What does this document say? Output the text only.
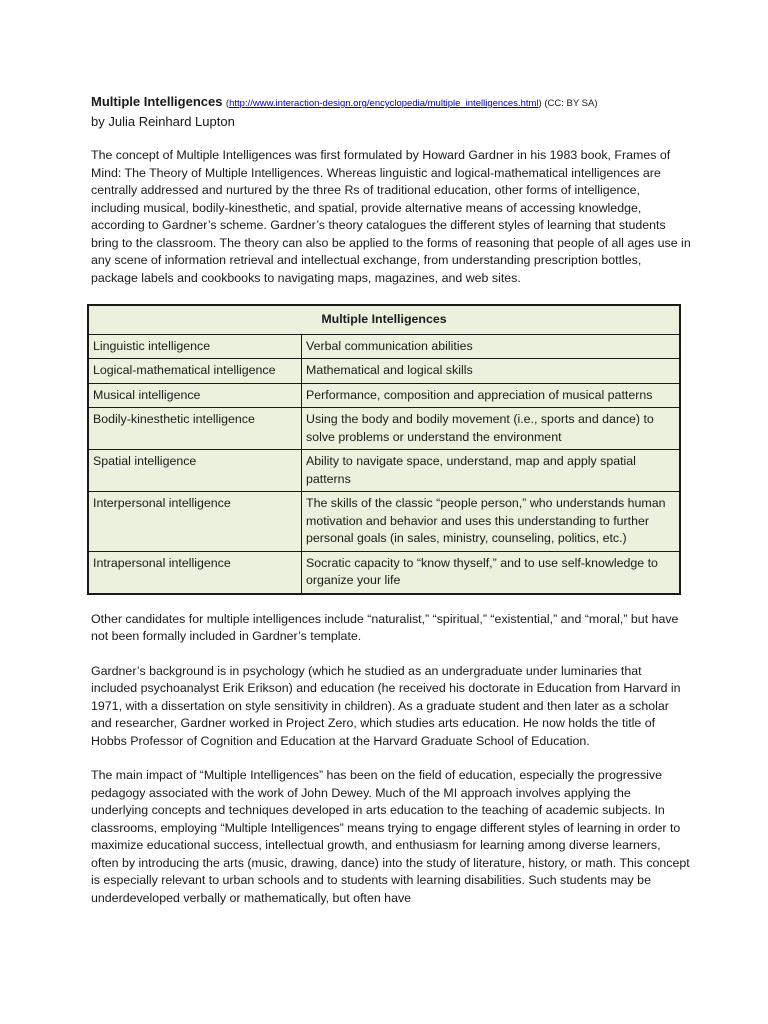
Multiple Intelligences (http://www.interaction-design.org/encyclopedia/multiple_intelligences.html) (CC: BY SA)
by Julia Reinhard Lupton

The concept of Multiple Intelligences was first formulated by Howard Gardner in his 1983 book, Frames of Mind: The Theory of Multiple Intelligences. Whereas linguistic and logical-mathematical intelligences are centrally addressed and nurtured by the three Rs of traditional education, other forms of intelligence, including musical, bodily-kinesthetic, and spatial, provide alternative means of accessing knowledge, according to Gardner’s scheme. Gardner’s theory catalogues the different styles of learning that students bring to the classroom. The theory can also be applied to the forms of reasoning that people of all ages use in any scene of information retrieval and intellectual exchange, from understanding prescription bottles, package labels and cookbooks to navigating maps, magazines, and web sites.

Multiple Intelligences	
Linguistic intelligence	Verbal communication abilities
Logical-mathematical intelligence	Mathematical and logical skills
Musical intelligence	Performance, composition and appreciation of musical patterns
Bodily-kinesthetic intelligence	Using the body and bodily movement (i.e., sports and dance) to solve problems or understand the environment
Spatial intelligence	Ability to navigate space, understand, map and apply spatial patterns
Interpersonal intelligence	The skills of the classic “people person,” who understands human motivation and behavior and uses this understanding to further personal goals (in sales, ministry, counseling, politics, etc.)
Intrapersonal intelligence	Socratic capacity to “know thyself,” and to use self-knowledge to organize your life

Other candidates for multiple intelligences include “naturalist,” “spiritual,” “existential,” and “moral,” but have not been formally included in Gardner’s template.

Gardner’s background is in psychology (which he studied as an undergraduate under luminaries that included psychoanalyst Erik Erikson) and education (he received his doctorate in Education from Harvard in 1971, with a dissertation on style sensitivity in children). As a graduate student and then later as a scholar and researcher, Gardner worked in Project Zero, which studies arts education. He now holds the title of Hobbs Professor of Cognition and Education at the Harvard Graduate School of Education.

The main impact of “Multiple Intelligences” has been on the field of education, especially the progressive pedagogy associated with the work of John Dewey. Much of the MI approach involves applying the underlying concepts and techniques developed in arts education to the teaching of academic subjects. In classrooms, employing “Multiple Intelligences” means trying to engage different styles of learning in order to maximize educational success, intellectual growth, and enthusiasm for learning among diverse learners, often by introducing the arts (music, drawing, dance) into the study of literature, history, or math. This concept is especially relevant to urban schools and to students with learning disabilities. Such students may be underdeveloped verbally or mathematically, but often have
